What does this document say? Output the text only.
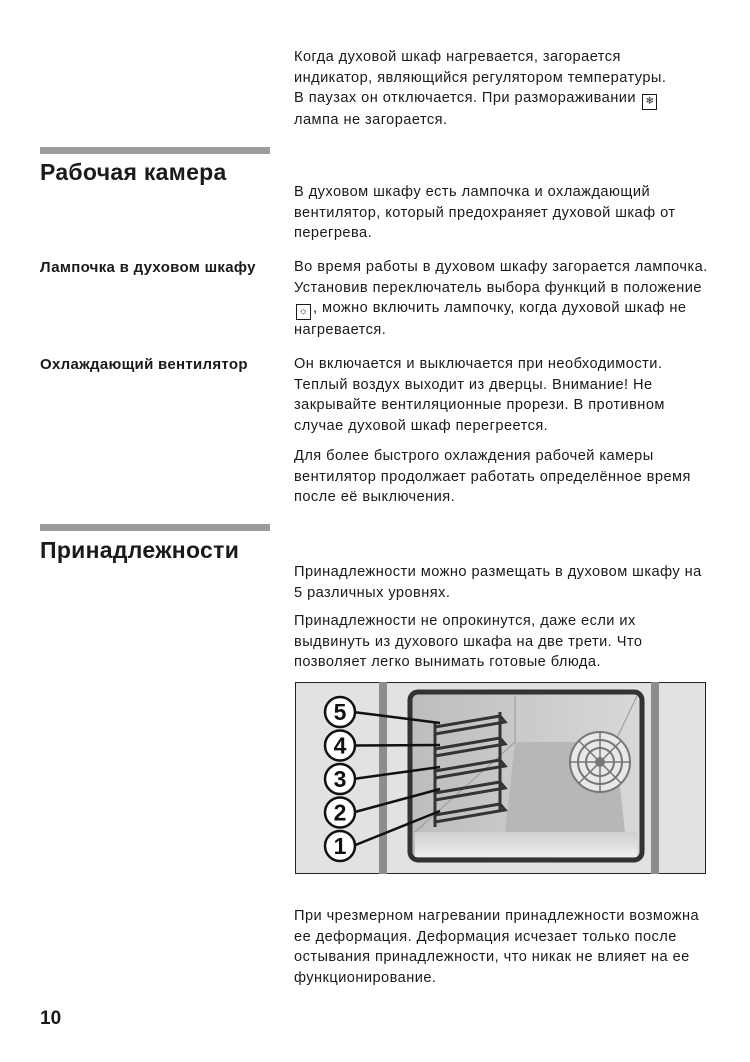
Когда духовой шкаф нагревается, загорается
индикатор, являющийся регулятором температуры.
В паузах он отключается. При размораживании ❄
лампа не загорается.

Рабочая камера

В духовом шкафу есть лампочка и охлаждающий вентилятор, который предохраняет духовой шкаф от перегрева.

Лампочка в духовом шкафу	Во время работы в духовом шкафу загорается лампочка. Установив переключатель выбора функций в положение ☼ , можно включить лампочку, когда духовой шкаф не нагревается.

Охлаждающий вентилятор	Он включается и выключается при необходимости. Теплый воздух выходит из дверцы. Внимание! Не закрывайте вентиляционные прорези. В противном случае духовой шкаф перегреется.

Для более быстрого охлаждения рабочей камеры вентилятор продолжает работать определённое время после её выключения.

Принадлежности

Принадлежности можно размещать в духовом шкафу на 5 различных уровнях.

Принадлежности не опрокинутся, даже если их выдвинуть из духового шкафа на две трети. Что позволяет легко вынимать готовые блюда.

5
4
3
2
1

При чрезмерном нагревании принадлежности возможна ее деформация. Деформация исчезает только после остывания принадлежности, что никак не влияет на ее функционирование.

10
